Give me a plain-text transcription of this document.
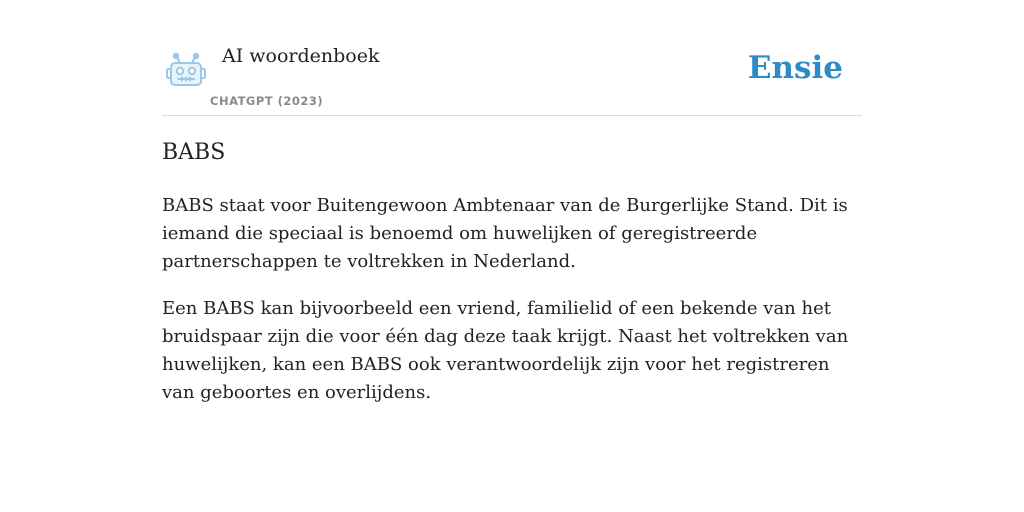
AI woordenboek
CHATGPT (2023)
Ensie
BABS

BABS staat voor Buitengewoon Ambtenaar van de Burgerlijke Stand. Dit is iemand die speciaal is benoemd om huwelijken of geregistreerde partnerschappen te voltrekken in Nederland.

Een BABS kan bijvoorbeeld een vriend, familielid of een bekende van het bruidspaar zijn die voor één dag deze taak krijgt. Naast het voltrekken van huwelijken, kan een BABS ook verantwoordelijk zijn voor het registreren van geboortes en overlijdens.
